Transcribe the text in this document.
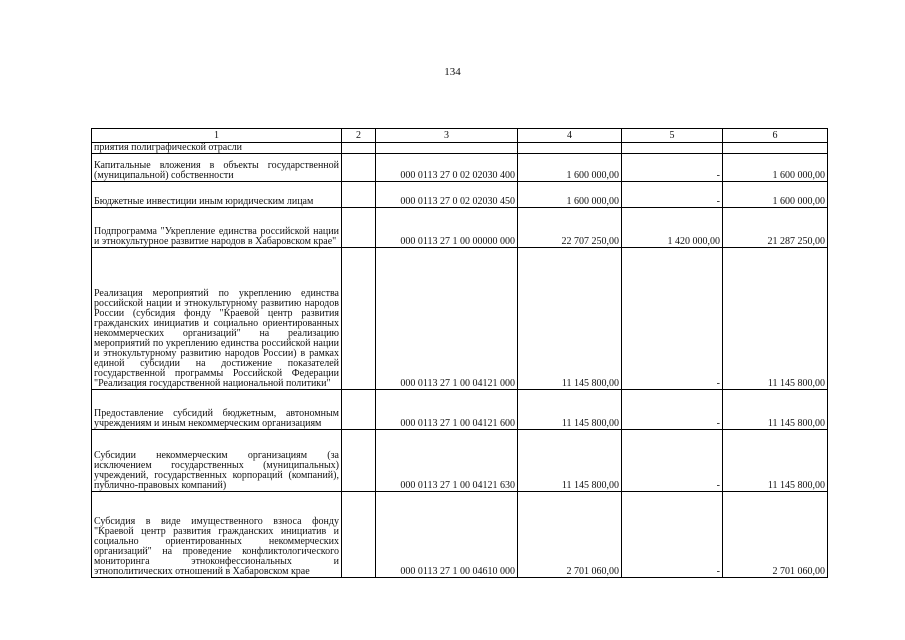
134
1	2	3	4	5	6
приятия полиграфической отрасли					
Капитальные вложения в объекты государственной (муниципальной) собственности		000 0113 27 0 02 02030 400	1 600 000,00	-	1 600 000,00
Бюджетные инвестиции иным юридическим лицам		000 0113 27 0 02 02030 450	1 600 000,00	-	1 600 000,00
Подпрограмма "Укрепление единства российской нации и этнокультурное развитие народов в Хабаровском крае"		000 0113 27 1 00 00000 000	22 707 250,00	1 420 000,00	21 287 250,00
Реализация мероприятий по укреплению единства российской нации и этнокультурному развитию народов России (субсидия фонду "Краевой центр развития гражданских инициатив и социально ориентированных некоммерческих организаций" на реализацию мероприятий по укреплению единства российской нации и этнокультурному развитию народов России) в рамках единой субсидии на достижение показателей государственной программы Российской Федерации "Реализация государственной национальной политики"		000 0113 27 1 00 04121 000	11 145 800,00	-	11 145 800,00
Предоставление субсидий бюджетным, автономным учреждениям и иным некоммерческим организациям		000 0113 27 1 00 04121 600	11 145 800,00	-	11 145 800,00
Субсидии некоммерческим организациям (за исключением государственных (муниципальных) учреждений, государственных корпораций (компаний), публично-правовых компаний)		000 0113 27 1 00 04121 630	11 145 800,00	-	11 145 800,00
Субсидия в виде имущественного взноса фонду "Краевой центр развития гражданских инициатив и социально ориентированных некоммерческих организаций" на проведение конфликтологического мониторинга этноконфессиональных и этнополитических отношений в Хабаровском крае		000 0113 27 1 00 04610 000	2 701 060,00	-	2 701 060,00
